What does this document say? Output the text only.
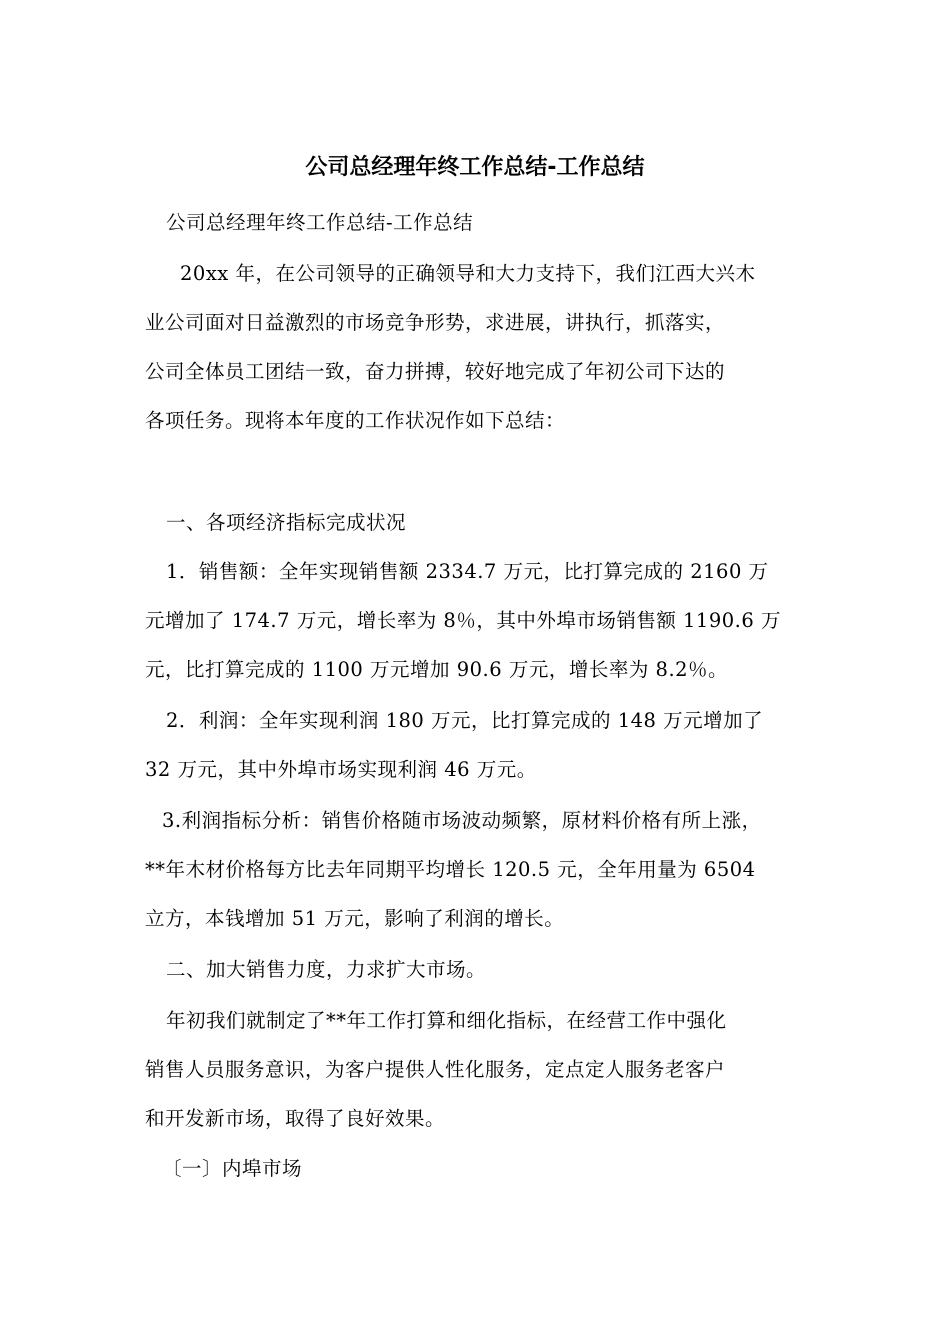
公司总经理年终工作总结-工作总结
公司总经理年终工作总结-工作总结
20xx 年，在公司领导的正确领导和大力支持下，我们江西大兴木
业公司面对日益激烈的市场竞争形势，求进展，讲执行，抓落实，
公司全体员工团结一致，奋力拼搏，较好地完成了年初公司下达的
各项任务。现将本年度的工作状况作如下总结：
一、各项经济指标完成状况
1．销售额：全年实现销售额 2334.7 万元，比打算完成的 2160 万
元增加了 174.7 万元，增长率为 8％，其中外埠市场销售额 1190.6 万
元，比打算完成的 1100 万元增加 90.6 万元，增长率为 8.2％。
2．利润：全年实现利润 180 万元，比打算完成的 148 万元增加了
32 万元，其中外埠市场实现利润 46 万元。
3.利润指标分析：销售价格随市场波动频繁，原材料价格有所上涨，
**年木材价格每方比去年同期平均增长 120.5 元，全年用量为 6504
立方，本钱增加 51 万元，影响了利润的增长。
二、加大销售力度，力求扩大市场。
年初我们就制定了**年工作打算和细化指标，在经营工作中强化
销售人员服务意识，为客户提供人性化服务，定点定人服务老客户
和开发新市场，取得了良好效果。
〔一〕内埠市场
